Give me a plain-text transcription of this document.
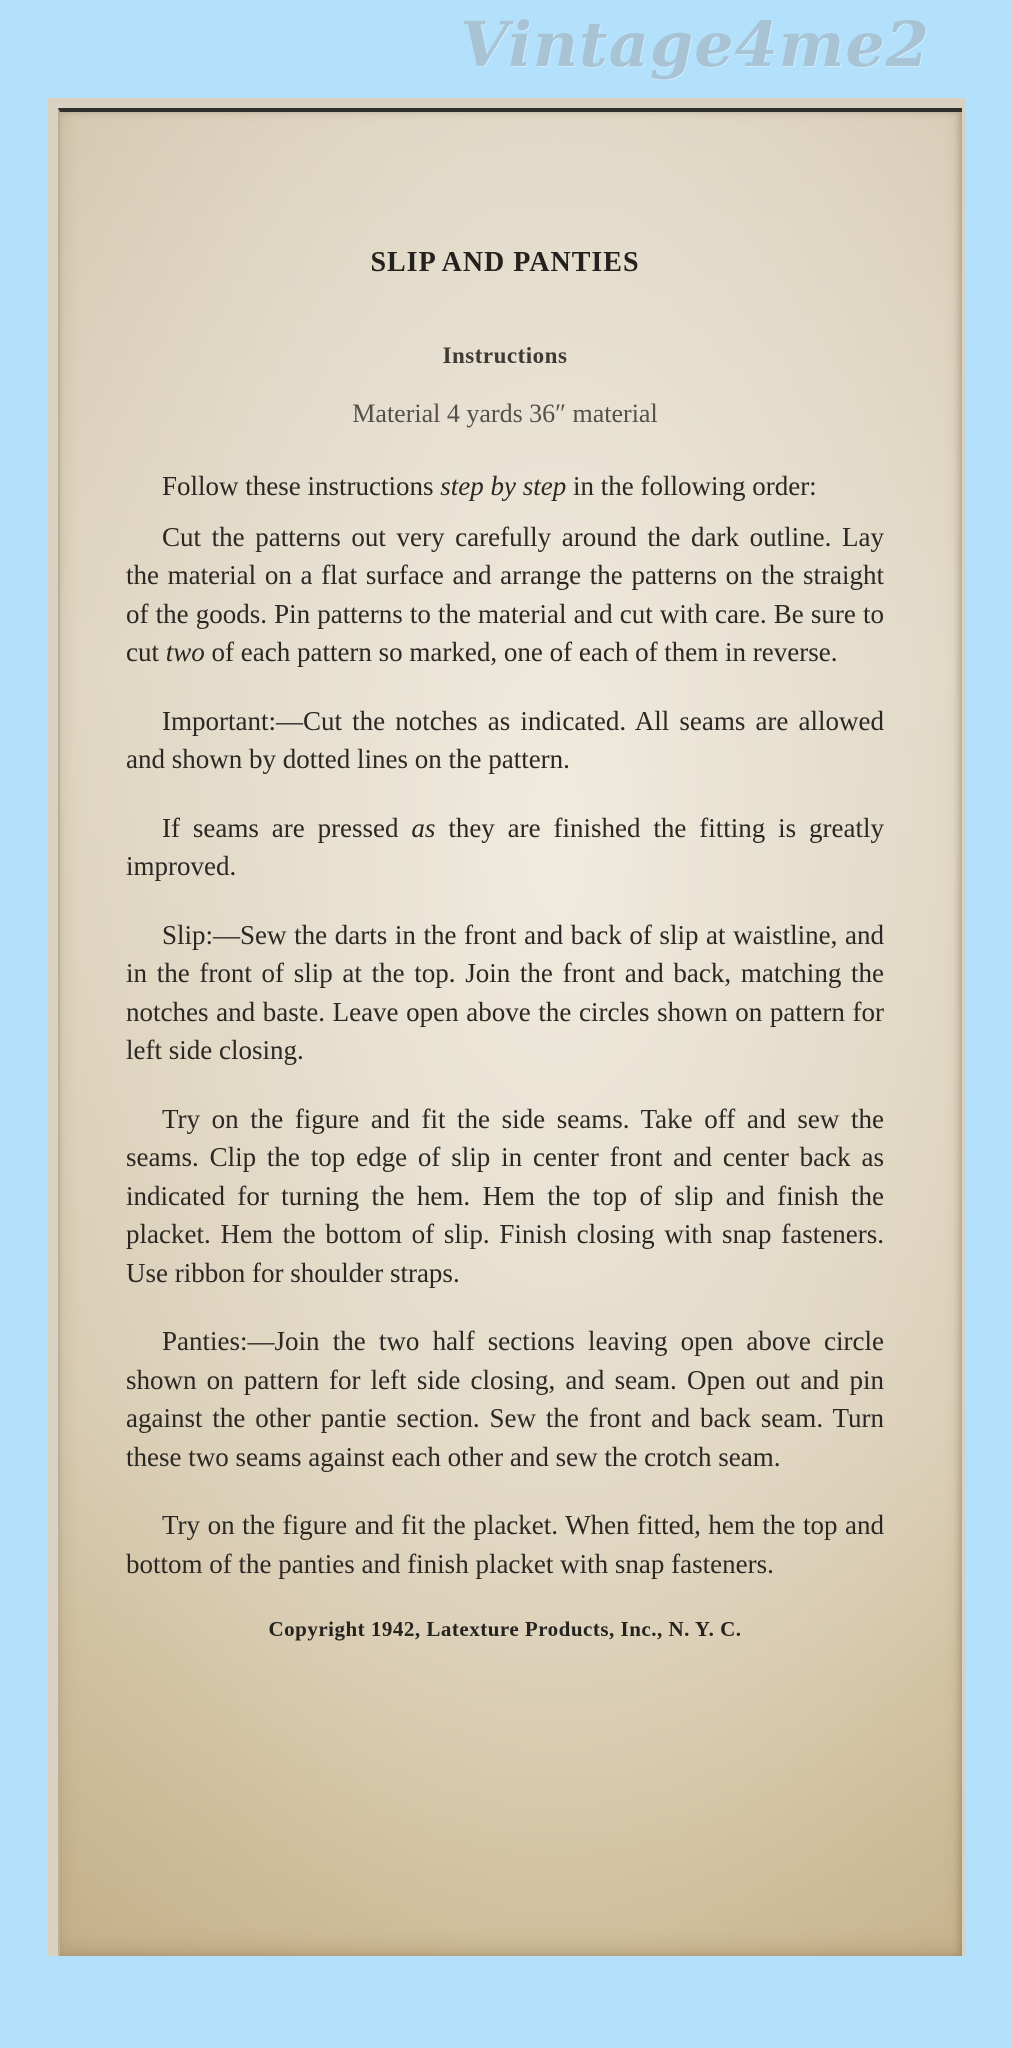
Vintage4me2
SLIP AND PANTIES
Instructions
Material 4 yards 36″ material

Follow these instructions step by step in the following order:

Cut the patterns out very carefully around the dark outline. Lay the material on a flat surface and arrange the patterns on the straight of the goods. Pin patterns to the material and cut with care. Be sure to cut two of each pattern so marked, one of each of them in reverse.

Important:—Cut the notches as indicated. All seams are allowed and shown by dotted lines on the pattern.

If seams are pressed as they are finished the fitting is greatly improved.

Slip:—Sew the darts in the front and back of slip at waistline, and in the front of slip at the top. Join the front and back, matching the notches and baste. Leave open above the circles shown on pattern for left side closing.

Try on the figure and fit the side seams. Take off and sew the seams. Clip the top edge of slip in center front and center back as indicated for turning the hem. Hem the top of slip and finish the placket. Hem the bottom of slip. Finish closing with snap fasteners. Use ribbon for shoulder straps.

Panties:—Join the two half sections leaving open above circle shown on pattern for left side closing, and seam. Open out and pin against the other pantie section. Sew the front and back seam. Turn these two seams against each other and sew the crotch seam.

Try on the figure and fit the placket. When fitted, hem the top and bottom of the panties and finish placket with snap fasteners.

Copyright 1942, Latexture Products, Inc., N. Y. C.
